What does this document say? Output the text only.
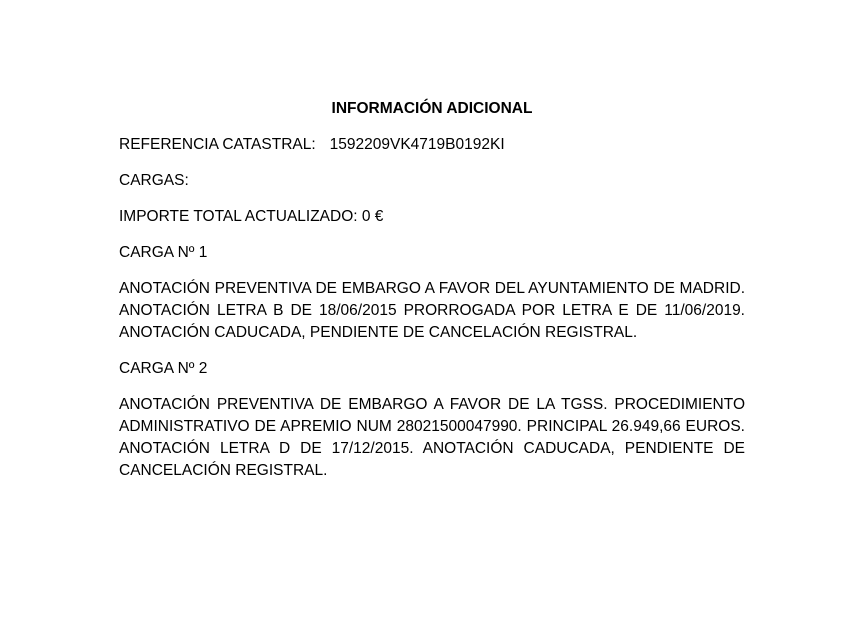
INFORMACIÓN ADICIONAL
REFERENCIA CATASTRAL: 1592209VK4719B0192KI
CARGAS:
IMPORTE TOTAL ACTUALIZADO: 0 €
CARGA Nº 1
ANOTACIÓN PREVENTIVA DE EMBARGO A FAVOR DEL AYUNTAMIENTO DE MADRID. ANOTACIÓN LETRA B DE 18/06/2015 PRORROGADA POR LETRA E DE 11/06/2019. ANOTACIÓN CADUCADA, PENDIENTE DE CANCELACIÓN REGISTRAL.
CARGA Nº 2
ANOTACIÓN PREVENTIVA DE EMBARGO A FAVOR DE LA TGSS. PROCEDIMIENTO ADMINISTRATIVO DE APREMIO NUM 28021500047990. PRINCIPAL 26.949,66 EUROS. ANOTACIÓN LETRA D DE 17/12/2015. ANOTACIÓN CADUCADA, PENDIENTE DE CANCELACIÓN REGISTRAL.
